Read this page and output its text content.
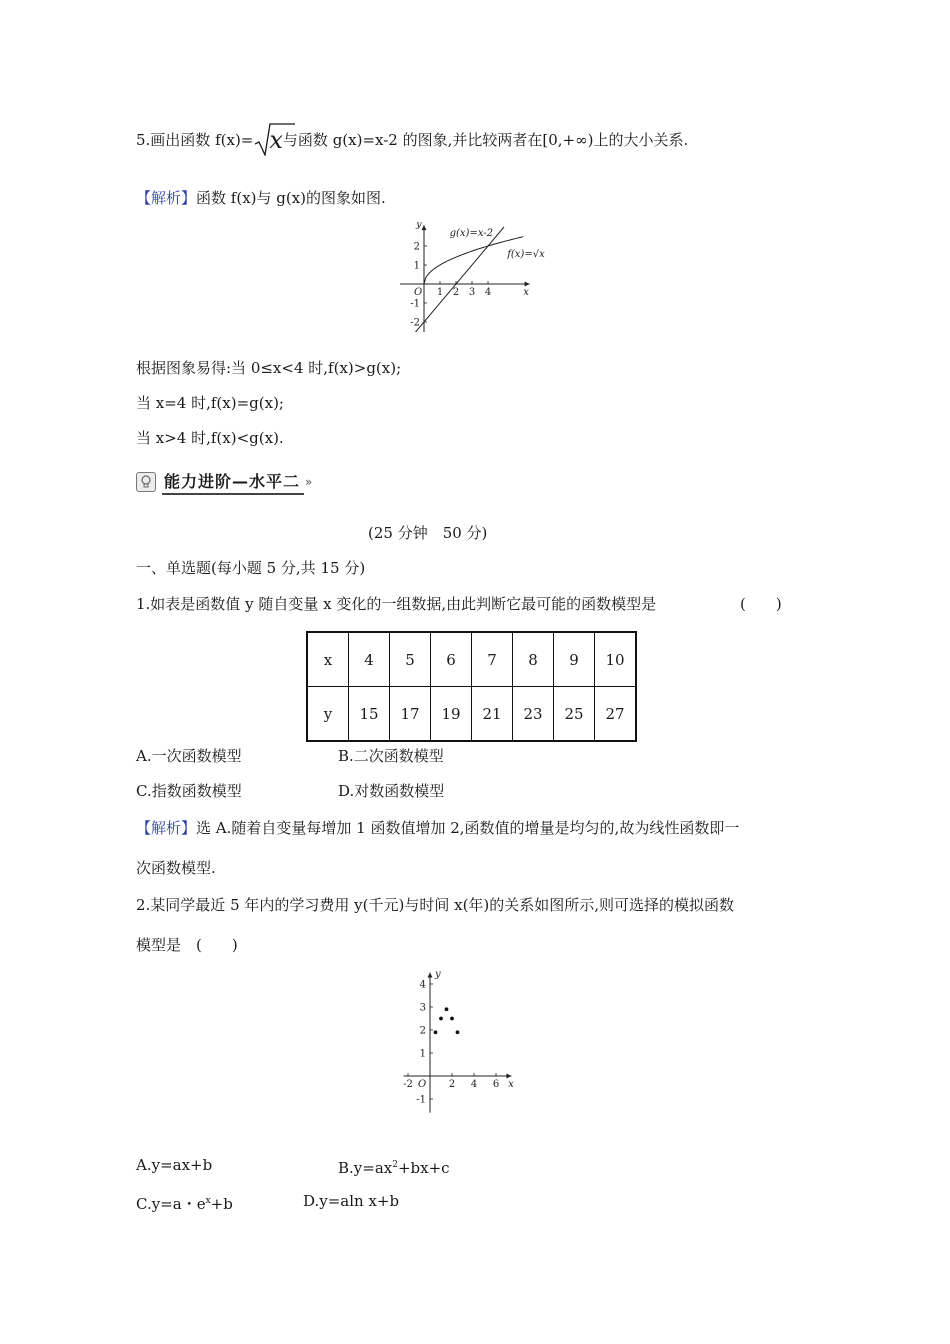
5.画出函数 f(x)= x与函数 g(x)=x-2 的图象,并比较两者在[0,+∞)上的大小关系.
【解析】函数 f(x)与 g(x)的图象如图.
2
1
-1
-2
1 2 3 4
g(x)=x-2
f(x)=√x
y
x
O
根据图象易得:当 0≤x<4 时,f(x)>g(x);
当 x=4 时,f(x)=g(x);
当 x>4 时,f(x)<g(x).
能力进阶—水平二 »
(25 分钟　50 分)
一、单选题(每小题 5 分,共 15 分)
1.如表是函数值 y 随自变量 x 变化的一组数据,由此判断它最可能的函数模型是	(　　)
x	4	5	6	7	8	9	10
y	15	17	19	21	23	25	27
A.一次函数模型	B.二次函数模型
C.指数函数模型	D.对数函数模型
【解析】选 A.随着自变量每增加 1 函数值增加 2,函数值的增量是均匀的,故为线性函数即一
次函数模型.
2.某同学最近 5 年内的学习费用 y(千元)与时间 x(年)的关系如图所示,则可选择的模拟函数
模型是　 (　　)
4
3
2
1
-1
-2	2 4 6
y
x
O
A.y=ax+b	$B.y=ax^2+bx+c$
C.y=a・$e^x+b$	D.y=aln x+b
